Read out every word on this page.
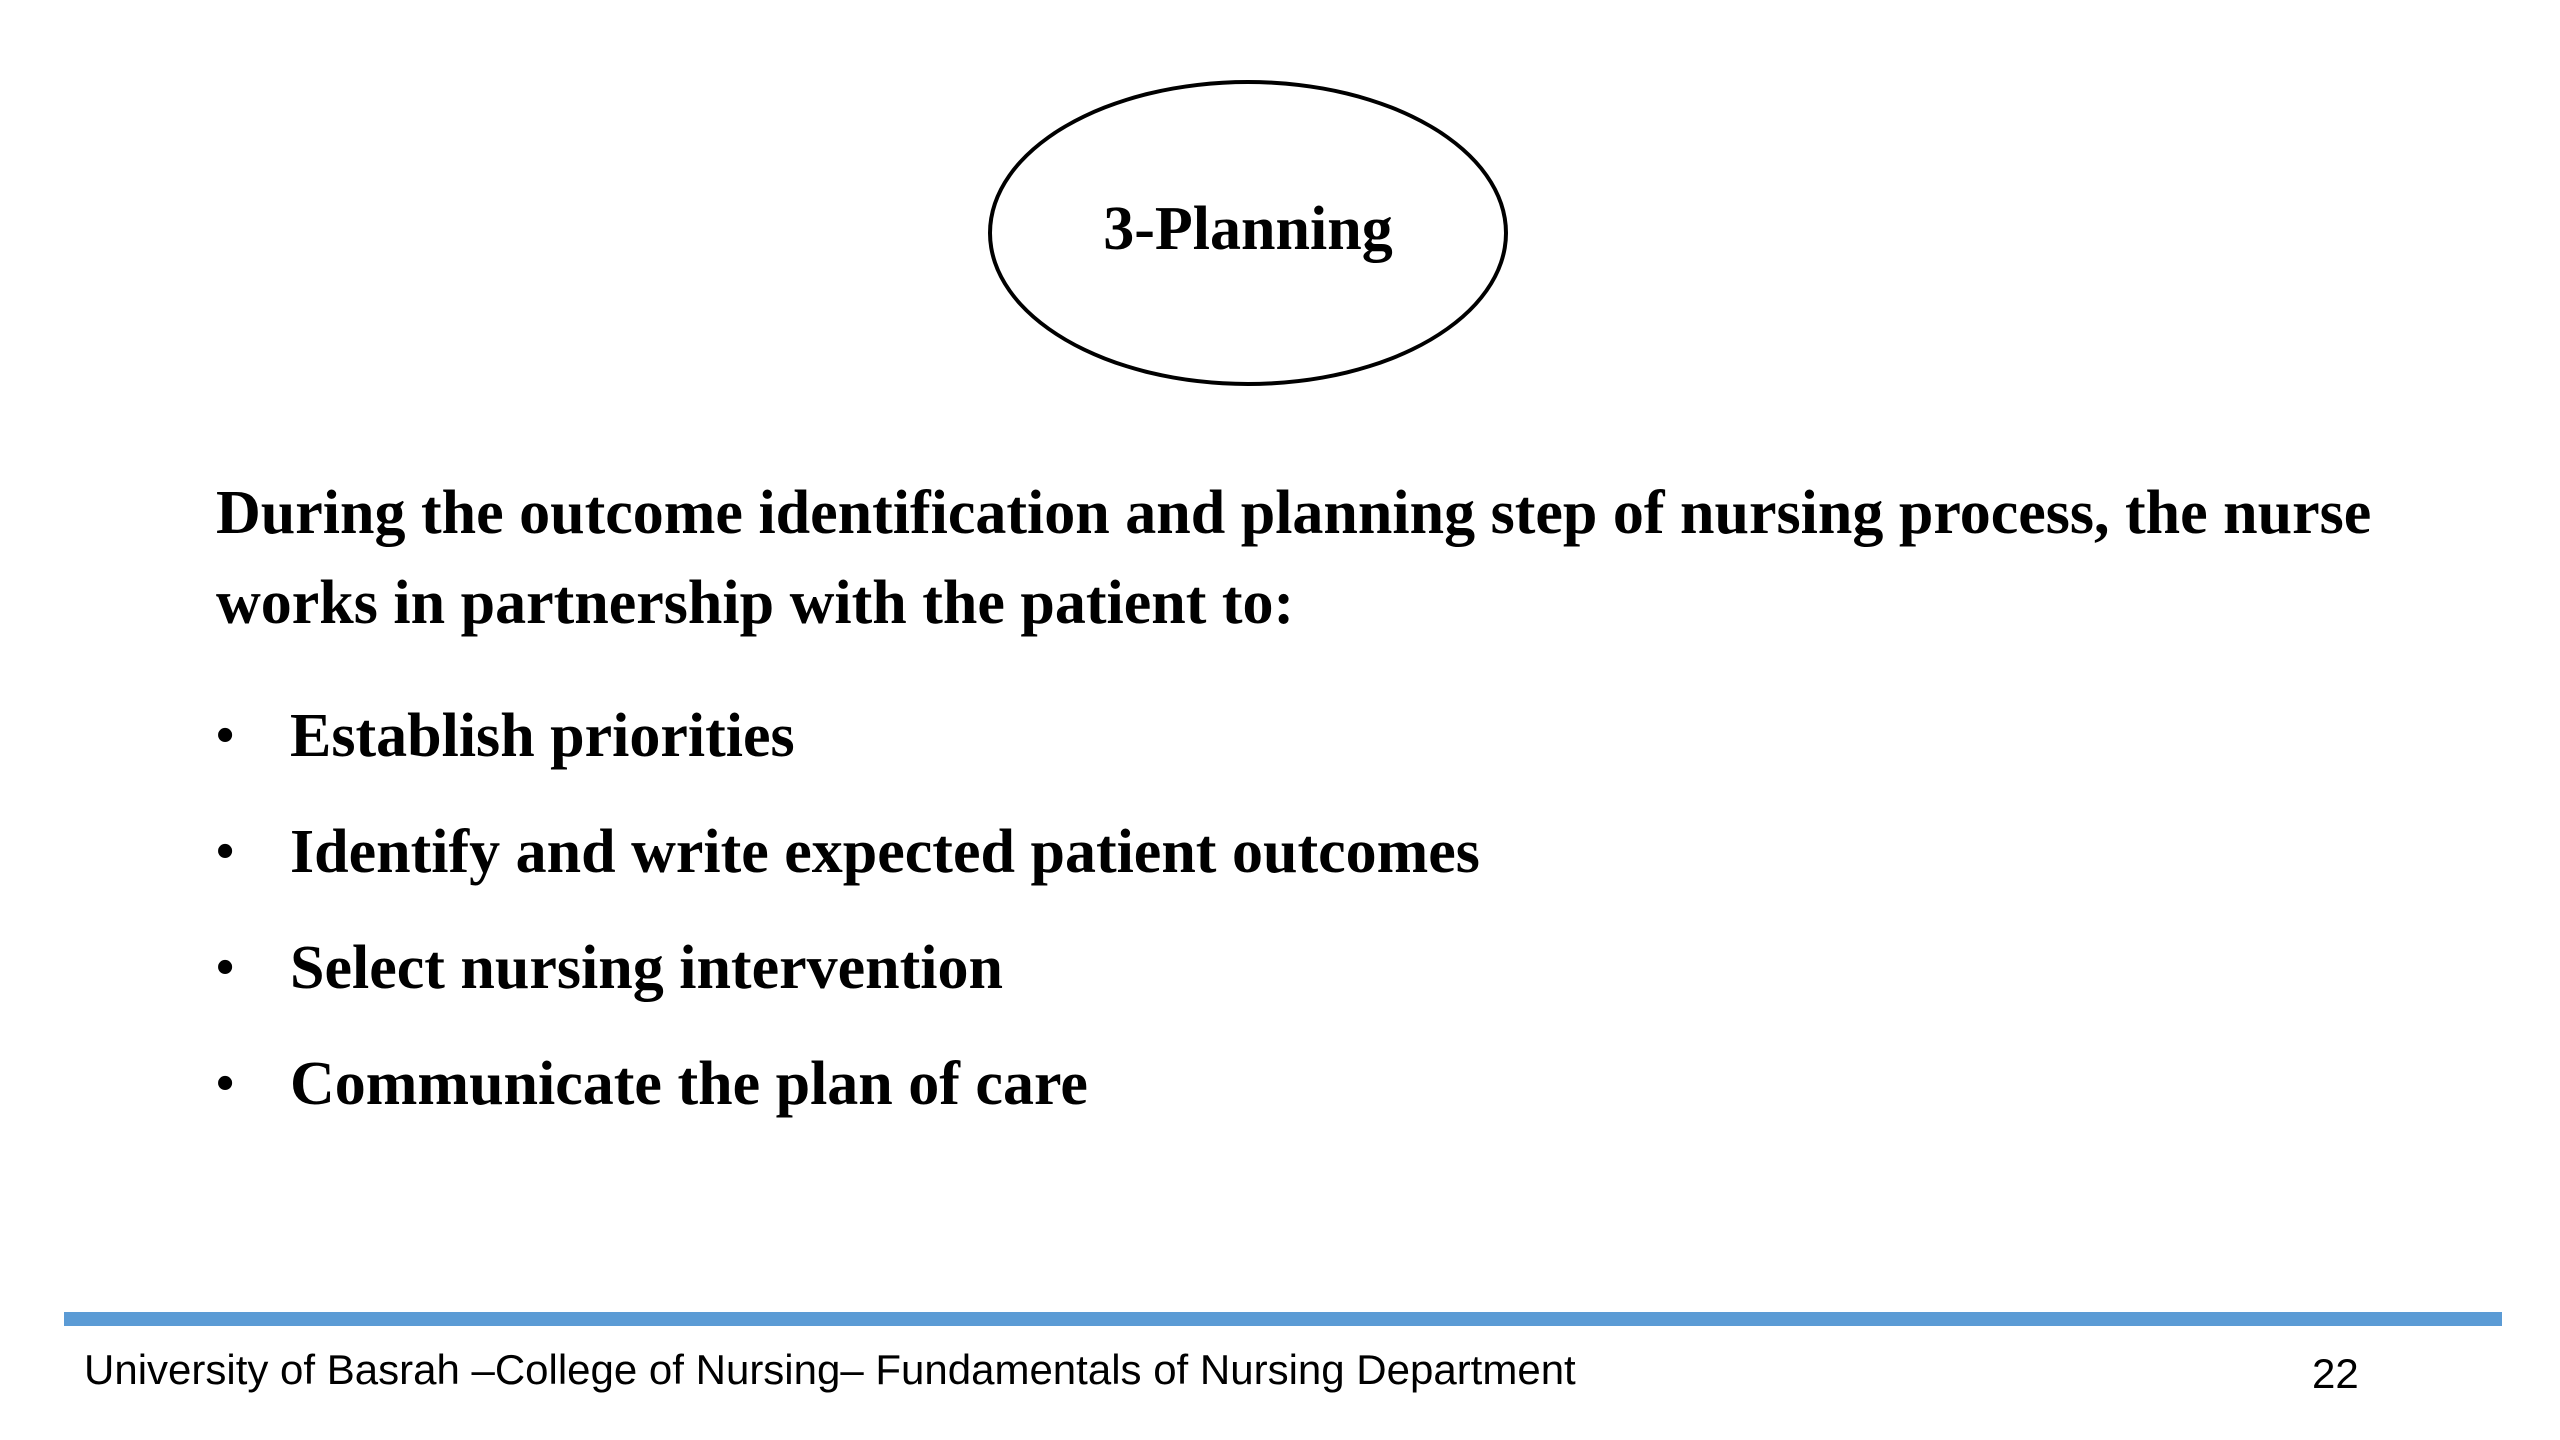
3-Planning

During the outcome identification and planning step of nursing process, the nurse works in partnership with the patient to:

• Establish priorities
• Identify and write expected patient outcomes
• Select nursing intervention
• Communicate the plan of care
University of Basrah –College of Nursing– Fundamentals of Nursing Department	22
